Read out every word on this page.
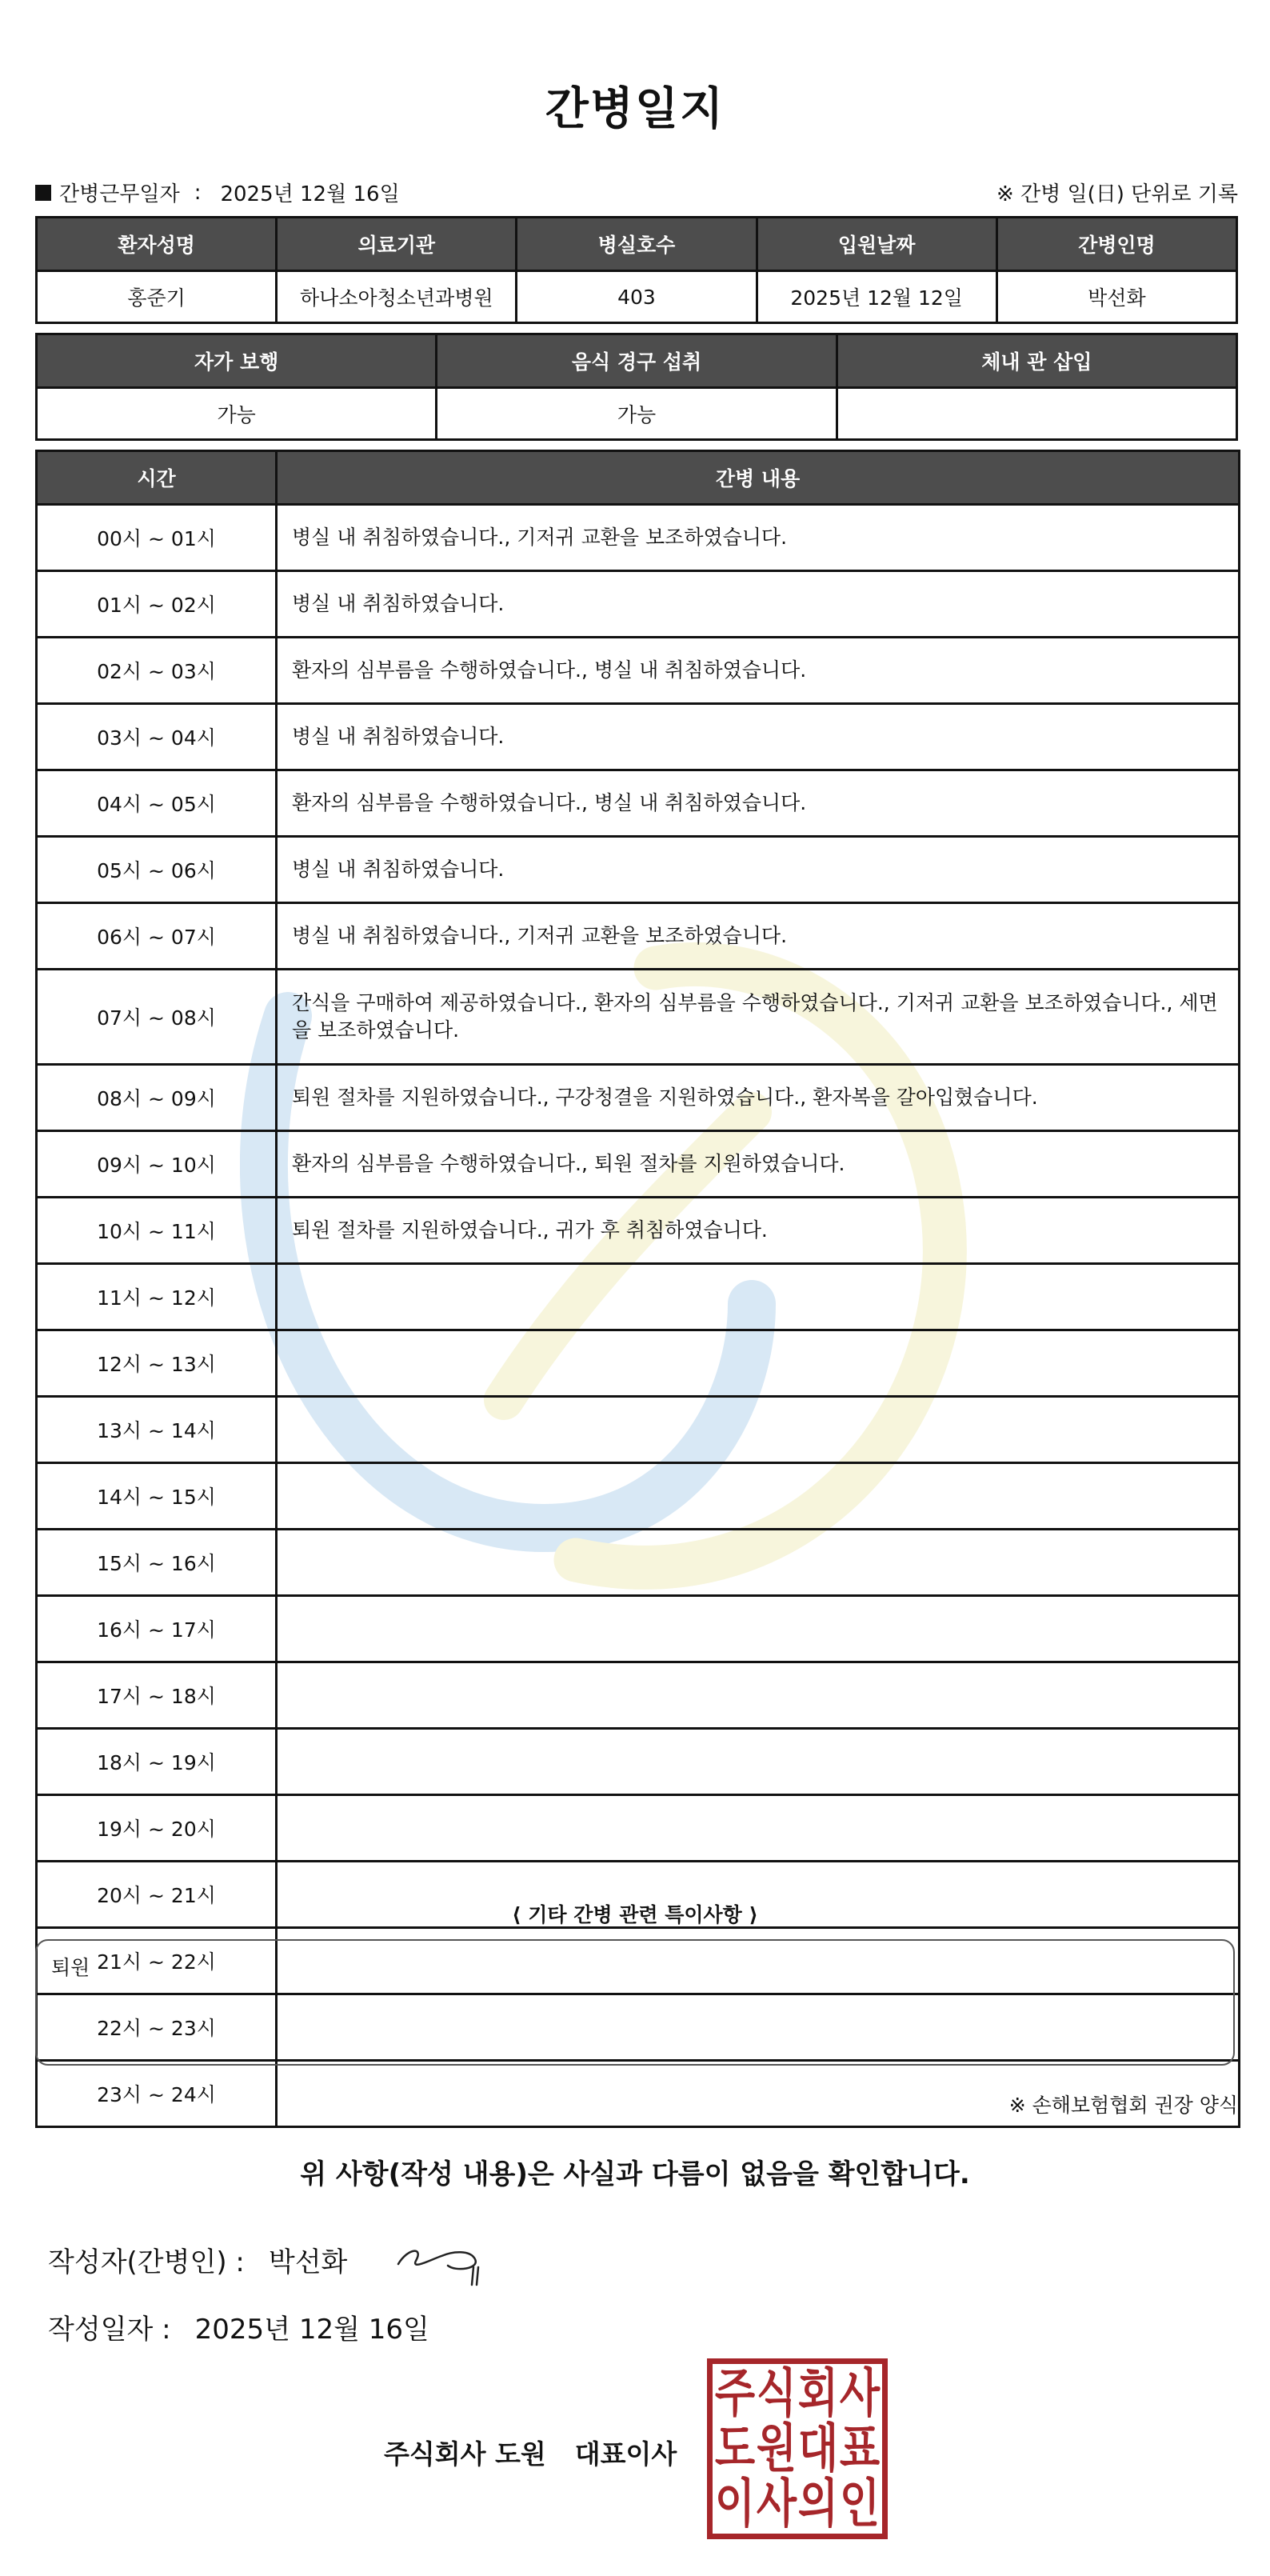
간병일지
간병근무일자 : 2025년 12월 16일	※ 간병 일(日) 단위로 기록
환자성명	의료기관	병실호수	입원날짜	간병인명
홍준기	하나소아청소년과병원	403	2025년 12월 12일	박선화
자가 보행	음식 경구 섭취	체내 관 삽입
가능	가능	
시간	간병 내용
00시 ~ 01시	병실 내 취침하였습니다., 기저귀 교환을 보조하였습니다.
01시 ~ 02시	병실 내 취침하였습니다.
02시 ~ 03시	환자의 심부름을 수행하였습니다., 병실 내 취침하였습니다.
03시 ~ 04시	병실 내 취침하였습니다.
04시 ~ 05시	환자의 심부름을 수행하였습니다., 병실 내 취침하였습니다.
05시 ~ 06시	병실 내 취침하였습니다.
06시 ~ 07시	병실 내 취침하였습니다., 기저귀 교환을 보조하였습니다.
07시 ~ 08시	간식을 구매하여 제공하였습니다., 환자의 심부름을 수행하였습니다., 기저귀 교환을 보조하였습니다., 세면을 보조하였습니다.
08시 ~ 09시	퇴원 절차를 지원하였습니다., 구강청결을 지원하였습니다., 환자복을 갈아입혔습니다.
09시 ~ 10시	환자의 심부름을 수행하였습니다., 퇴원 절차를 지원하였습니다.
10시 ~ 11시	퇴원 절차를 지원하였습니다., 귀가 후 취침하였습니다.
11시 ~ 12시	
12시 ~ 13시	
13시 ~ 14시	
14시 ~ 15시	
15시 ~ 16시	
16시 ~ 17시	
17시 ~ 18시	
18시 ~ 19시	
19시 ~ 20시	
20시 ~ 21시	
21시 ~ 22시	
22시 ~ 23시	
23시 ~ 24시	
⟨ 기타 간병 관련 특이사항 ⟩
퇴원
※ 손해보험협회 권장 양식
위 사항(작성 내용)은 사실과 다름이 없음을 확인합니다.
작성자(간병인) : 박선화
작성일자 : 2025년 12월 16일
주식회사 도원 대표이사
주 식 회 사
도 원 대 표
이 사 의 인
